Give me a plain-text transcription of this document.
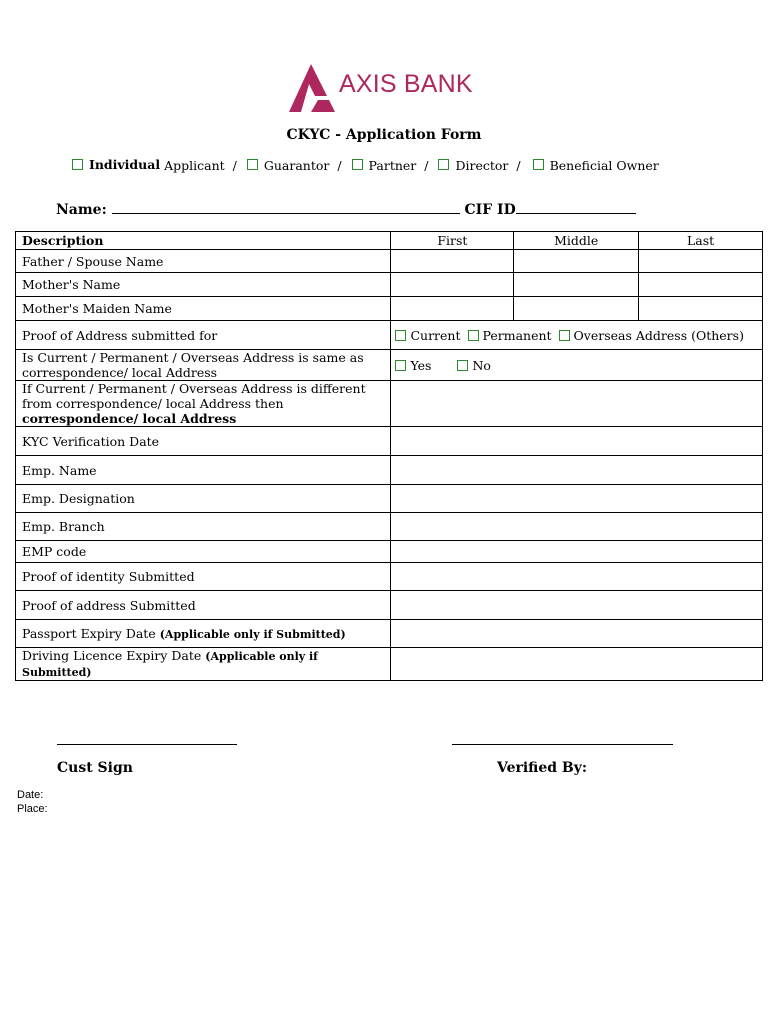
AXIS BANK
CKYC - Application Form
Individual Applicant / Guarantor / Partner / Director / Beneficial Owner
Name:	CIF ID
Description	First	Middle	Last
Father / Spouse Name			
Mother's Name			
Mother's Maiden Name			
Proof of Address submitted for	Current Permanent Overseas Address (Others)		

Is Current / Permanent / Overseas Address is same as
correspondence/ local Address	Yes No		

If Current / Permanent / Overseas Address is different
from correspondence/ local Address then
correspondence/ local Address			

KYC Verification Date			
Emp. Name			
Emp. Designation			
Emp. Branch			
EMP code			
Proof of identity Submitted			
Proof of address Submitted			
Passport Expiry Date (Applicable only if Submitted)			
Driving Licence Expiry Date (Applicable only if Submitted)			
Cust Sign	Verified By:
Date:
Place:
